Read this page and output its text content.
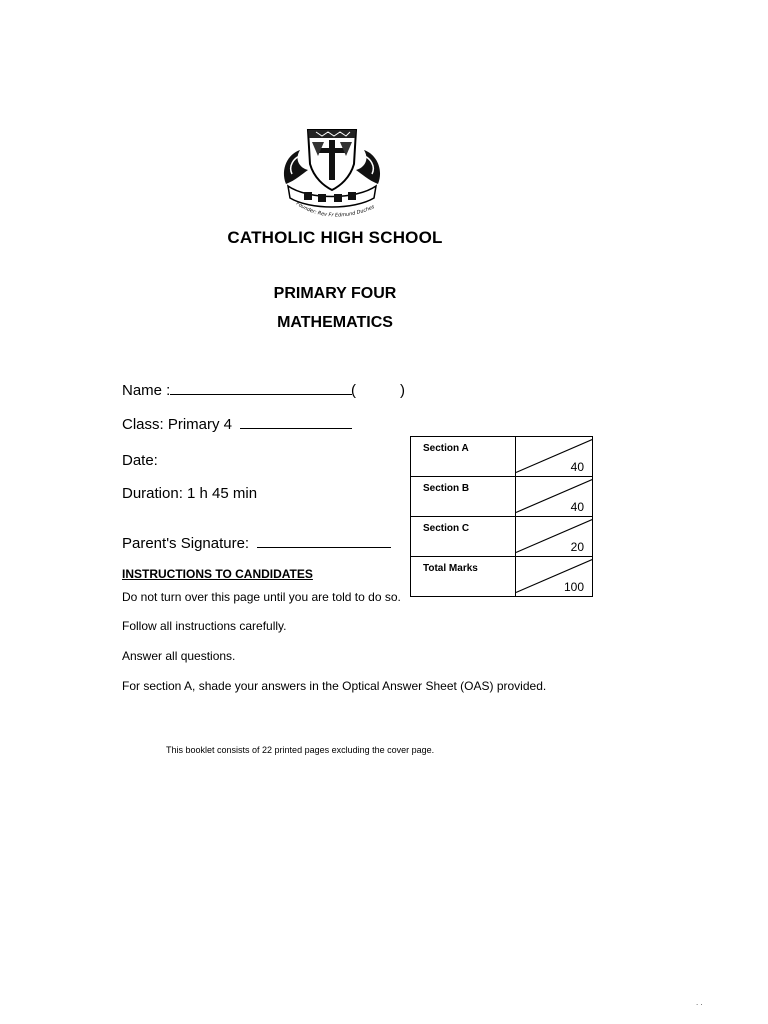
Founder: Rev Fr Edmund Duches
CATHOLIC HIGH SCHOOL
PRIMARY FOUR
MATHEMATICS
Name :	(	)
Class: Primary 4
Date:
Duration: 1 h 45 min
Parent's Signature:
Section A	40

Section B	40

Section C	20

Total Marks	100
INSTRUCTIONS TO CANDIDATES
Do not turn over this page until you are told to do so.
Follow all instructions carefully.
Answer all questions.
For section A, shade your answers in the Optical Answer Sheet (OAS) provided.
This booklet consists of 22 printed pages excluding the cover page.
. .
